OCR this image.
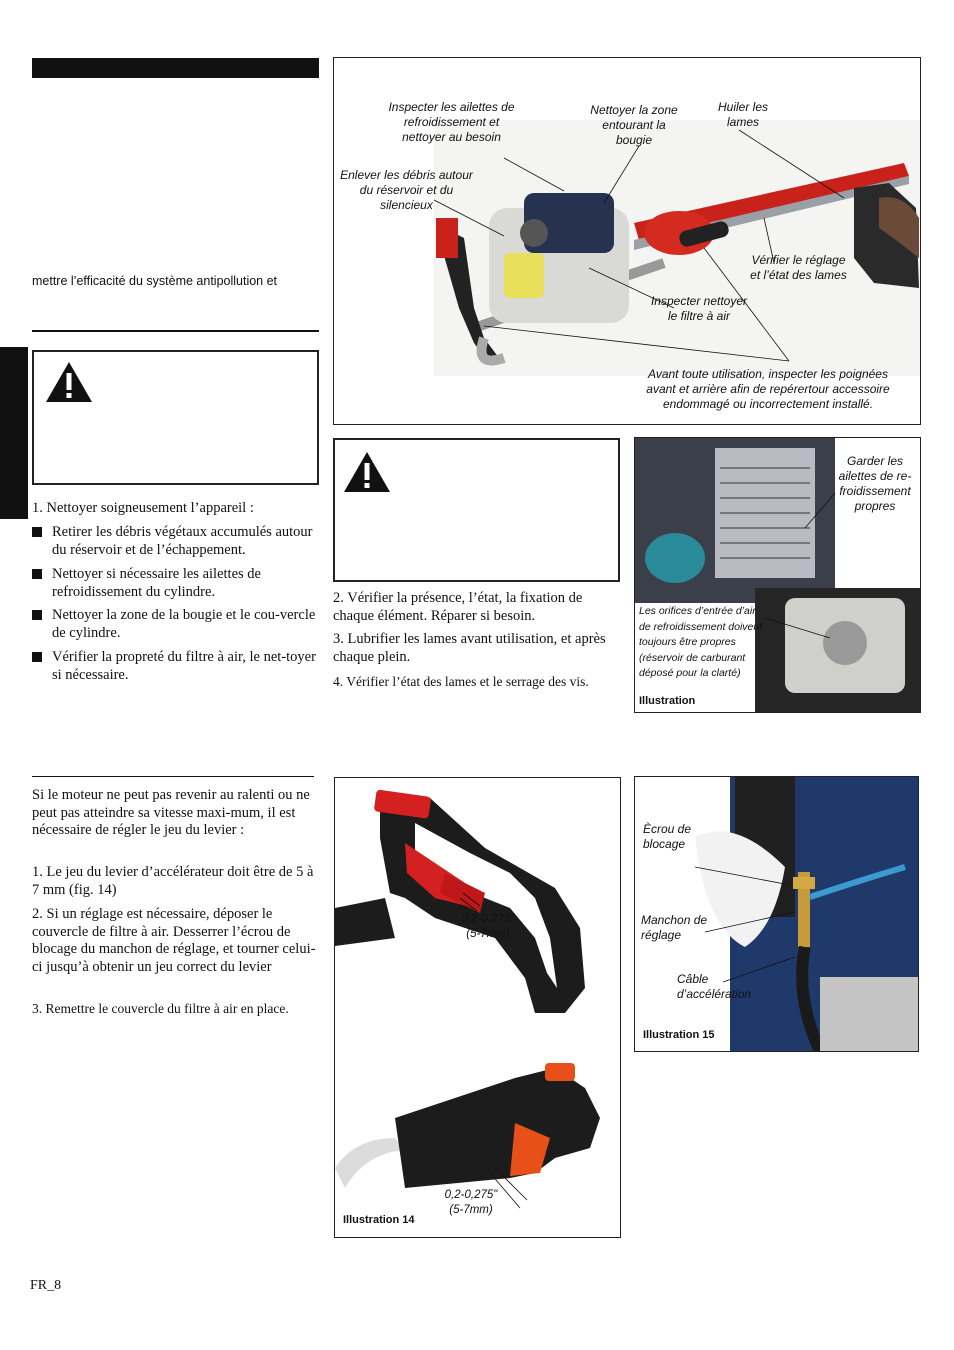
mettre l’efficacité du système antipollution et
1. Nettoyer soigneusement l’appareil :
Retirer les débris végétaux accumulés autour du réservoir et de l’échappement.
Nettoyer si nécessaire les ailettes de refroidissement du cylindre.
Nettoyer la zone de la bougie et le cou-vercle de cylindre.
Vérifier la propreté du filtre à air, le net-toyer si nécessaire.
Inspecter les ailettes de refroidissement et nettoyer au besoin
Nettoyer la zone entourant la bougie
Huiler les lames
Enlever les débris autour du réservoir et du silencieux
Vérifier le réglage et l’état des lames
Inspecter nettoyer le filtre à air
Avant toute utilisation, inspecter les poignées avant et arrière afin de repérertour accessoire endommagé ou incorrectement installé.
2. Vérifier la présence, l’état, la fixation de chaque élément. Réparer si besoin.
3. Lubrifier les lames avant utilisation, et après chaque plein.
4. Vérifier l’état des lames et le serrage des vis.
Garder les ailettes de re-froidissement propres
Les orifices d’entrée d’air de refroidissement doivent toujours être propres (réservoir de carburant déposé pour la clarté)
Illustration
Si le moteur ne peut pas revenir au ralenti ou ne peut pas atteindre sa vitesse maxi-mum, il est nécessaire de régler le jeu du levier :
1. Le jeu du levier d’accélérateur doit être de 5 à 7 mm (fig. 14)
2. Si un réglage est nécessaire, déposer le couvercle de filtre à air. Desserrer l’écrou de blocage du manchon de réglage, et tourner celui-ci jusqu’à obtenir un jeu correct du levier
3. Remettre le couvercle du filtre à air en place.
0,2-0,275" (5-7mm)
0,2-0,275" (5-7mm)
Illustration 14
Ècrou de blocage
Manchon de réglage
Câble d’accélération
Illustration 15
FR_8
